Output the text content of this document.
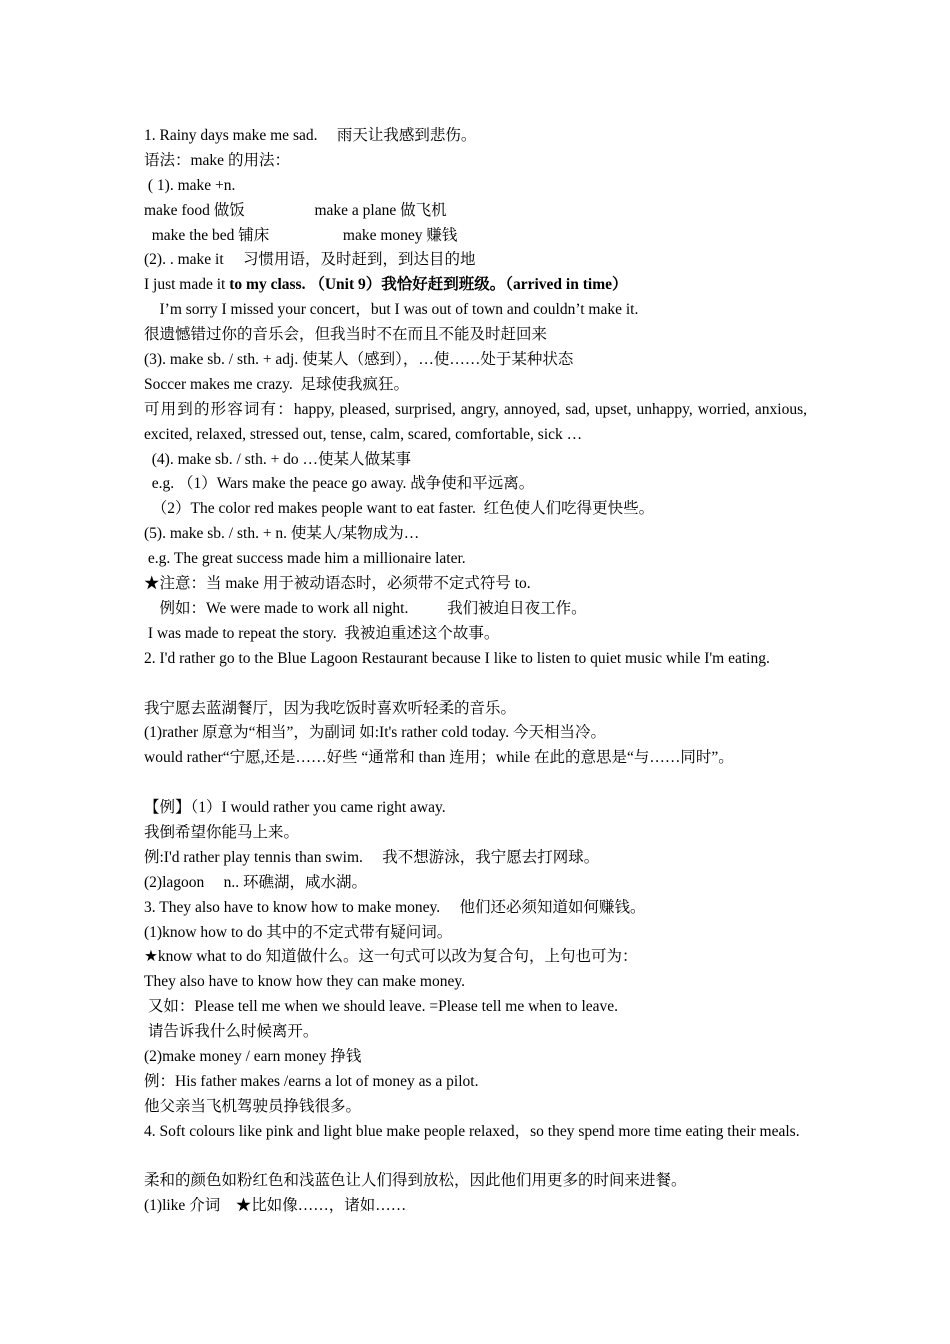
1. Rainy days make me sad.     雨天让我感到悲伤。
语法：make 的用法：
( 1). make +n.
make food 做饭                  make a plane 做飞机
make the bed 铺床                   make money 赚钱
(2). . make it     习惯用语，及时赶到，到达目的地
I just made it to my class. （Unit 9）我恰好赶到班级。（arrived in time）
I’m sorry I missed your concert，but I was out of town and couldn’t make it.
很遗憾错过你的音乐会，但我当时不在而且不能及时赶回来
(3). make sb. / sth. + adj. 使某人（感到），…使……处于某种状态
Soccer makes me crazy.  足球使我疯狂。
可用到的形容词有：happy, pleased, surprised, angry, annoyed, sad, upset, unhappy, worried, anxious, excited, relaxed, stressed out, tense, calm, scared, comfortable, sick …
(4). make sb. / sth. + do …使某人做某事
e.g. （1）Wars make the peace go away. 战争使和平远离。
（2）The color red makes people want to eat faster.  红色使人们吃得更快些。
(5). make sb. / sth. + n. 使某人/某物成为…
e.g. The great success made him a millionaire later.
★注意：当 make 用于被动语态时，必须带不定式符号 to.
例如：We were made to work all night.          我们被迫日夜工作。
I was made to repeat the story.  我被迫重述这个故事。
2. I'd rather go to the Blue Lagoon Restaurant because I like to listen to quiet music while I'm eating.
我宁愿去蓝湖餐厅，因为我吃饭时喜欢听轻柔的音乐。
(1)rather 原意为“相当”，为副词 如:It's rather cold today. 今天相当冷。
would rather“宁愿,还是……好些 “通常和 than 连用；while 在此的意思是“与……同时”。
【例】（1）I would rather you came right away.
我倒希望你能马上来。
例:I'd rather play tennis than swim.     我不想游泳，我宁愿去打网球。
(2)lagoon     n.. 环礁湖，咸水湖。
3. They also have to know how to make money.     他们还必须知道如何赚钱。
(1)know how to do 其中的不定式带有疑问词。
★know what to do 知道做什么。这一句式可以改为复合句，上句也可为：
They also have to know how they can make money.
又如：Please tell me when we should leave. =Please tell me when to leave.
请告诉我什么时候离开。
(2)make money / earn money 挣钱
例：His father makes /earns a lot of money as a pilot.
他父亲当飞机驾驶员挣钱很多。
4. Soft colours like pink and light blue make people relaxed，so they spend more time eating their meals.
柔和的颜色如粉红色和浅蓝色让人们得到放松，因此他们用更多的时间来进餐。
(1)like 介词    ★比如像……，诸如……
